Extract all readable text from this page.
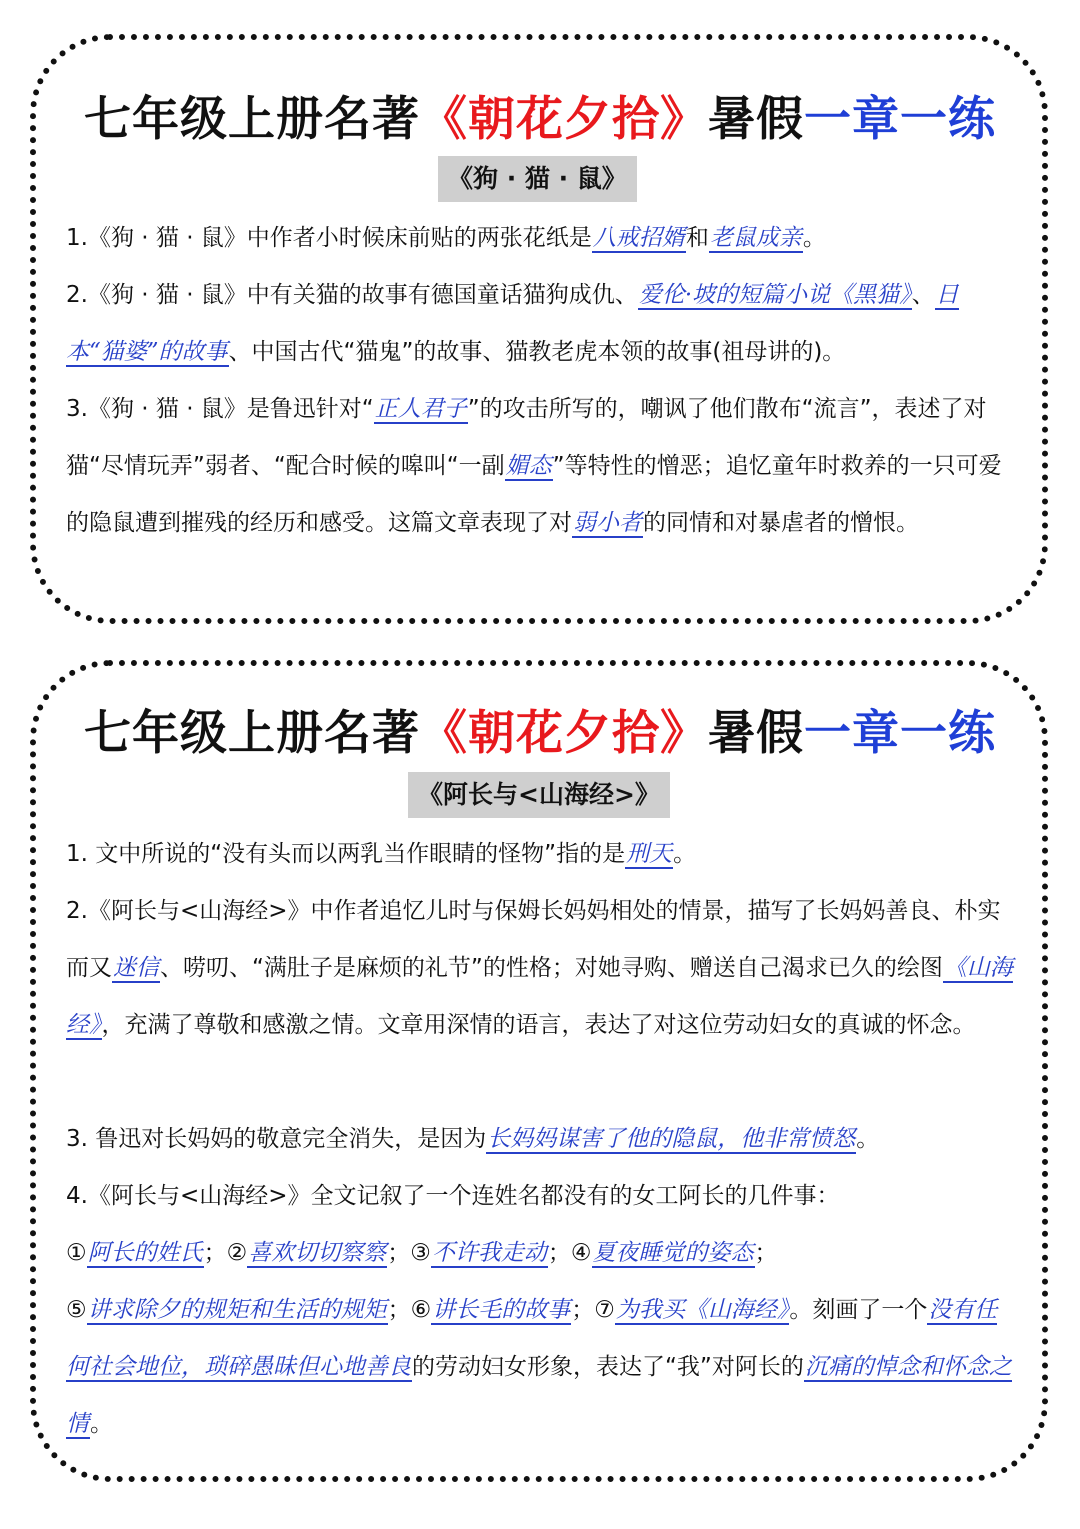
七年级上册名著《朝花夕拾》暑假一章一练
《狗 · 猫 · 鼠》

1.《狗 · 猫 · 鼠》中作者小时候床前贴的两张花纸是八戒招婿和老鼠成亲。

2.《狗 · 猫 · 鼠》中有关猫的故事有德国童话猫狗成仇、爱伦·坡的短篇小说《黑猫》、日本“猫婆”的故事、中国古代“猫鬼”的故事、猫教老虎本领的故事(祖母讲的)。

3.《狗 · 猫 · 鼠》是鲁迅针对“正人君子”的攻击所写的，嘲讽了他们散布“流言”，表述了对猫“尽情玩弄”弱者、“配合时候的嗥叫“一副媚态”等特性的憎恶；追忆童年时救养的一只可爱的隐鼠遭到摧残的经历和感受。这篇文章表现了对弱小者的同情和对暴虐者的憎恨。

七年级上册名著《朝花夕拾》暑假一章一练
《阿长与<山海经>》

1. 文中所说的“没有头而以两乳当作眼睛的怪物”指的是刑天。

2.《阿长与<山海经>》中作者追忆儿时与保姆长妈妈相处的情景，描写了长妈妈善良、朴实而又迷信、唠叨、“满肚子是麻烦的礼节”的性格；对她寻购、赠送自己渴求已久的绘图《山海经》，充满了尊敬和感激之情。文章用深情的语言，表达了对这位劳动妇女的真诚的怀念。

3. 鲁迅对长妈妈的敬意完全消失，是因为长妈妈谋害了他的隐鼠，他非常愤怒。

4.《阿长与<山海经>》全文记叙了一个连姓名都没有的女工阿长的几件事：
①阿长的姓氏；②喜欢切切察察；③不许我走动；④夏夜睡觉的姿态；
⑤讲求除夕的规矩和生活的规矩；⑥讲长毛的故事；⑦为我买《山海经》。刻画了一个没有任何社会地位，琐碎愚昧但心地善良的劳动妇女形象，表达了“我”对阿长的沉痛的悼念和怀念之情。
